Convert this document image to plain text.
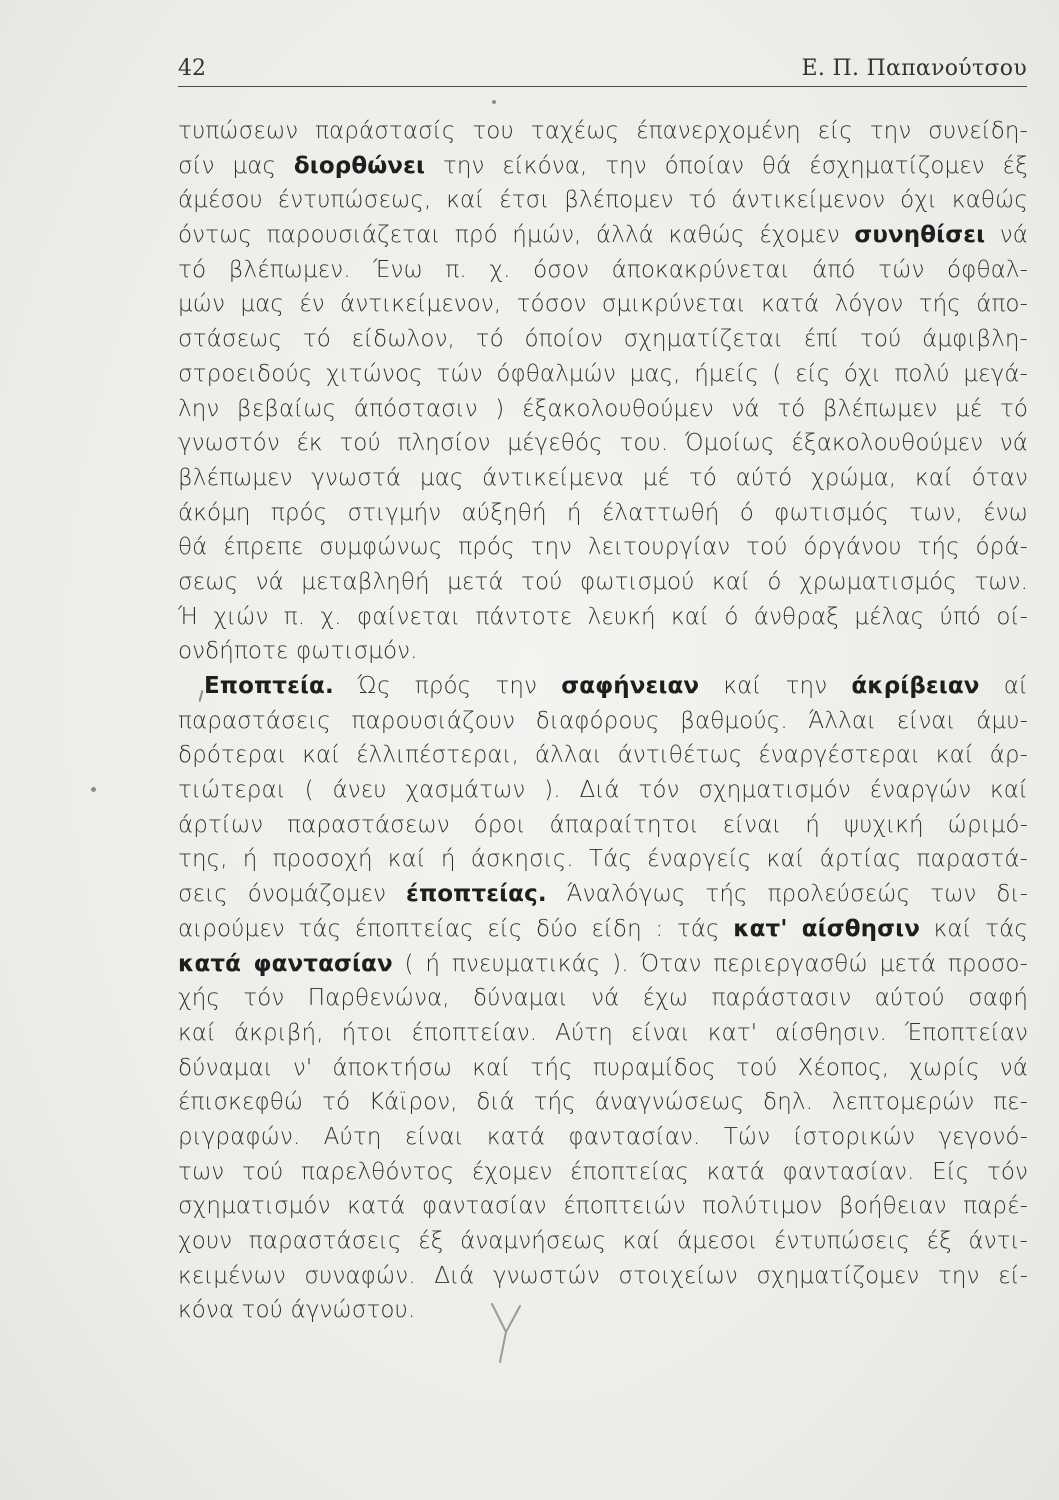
42	Ε. Π. Παπανούτσου
τυπώσεων παράστασίς του ταχέως έπανερχομένη είς την συνείδη-
σίν μας διορθώνει την είκόνα, την όποίαν θά έσχηματίζομεν έξ
άμέσου έντυπώσεως, καί έτσι βλέπομεν τό άντικείμενον όχι καθώς
όντως παρουσιάζεται πρό ήμών, άλλά καθώς έχομεν συνηθίσει νά
τό βλέπωμεν. Ένω π. χ. όσον άποκακρύνεται άπό τών όφθαλ-
μών μας έν άντικείμενον, τόσον σμικρύνεται κατά λόγον τής άπο-
στάσεως τό είδωλον, τό όποίον σχηματίζεται έπί τού άμφιβλη-
στροειδούς χιτώνος τών όφθαλμών μας, ήμείς ( είς όχι πολύ μεγά-
λην βεβαίως άπόστασιν ) έξακολουθούμεν νά τό βλέπωμεν μέ τό
γνωστόν έκ τού πλησίον μέγεθός του. Όμοίως έξακολουθούμεν νά
βλέπωμεν γνωστά μας άντικείμενα μέ τό αύτό χρώμα, καί όταν
άκόμη πρός στιγμήν αύξηθή ή έλαττωθή ό φωτισμός των, ένω
θά έπρεπε συμφώνως πρός την λειτουργίαν τού όργάνου τής όρά-
σεως νά μεταβληθή μετά τού φωτισμού καί ό χρωματισμός των.
Ή χιών π. χ. φαίνεται πάντοτε λευκή καί ό άνθραξ μέλας ύπό οί-
ονδήποτε φωτισμόν.
Εποπτεία. Ώς πρός την σαφήνειαν καί την άκρίβειαν αί
παραστάσεις παρουσιάζουν διαφόρους βαθμούς. Άλλαι είναι άμυ-
δρότεραι καί έλλιπέστεραι, άλλαι άντιθέτως έναργέστεραι καί άρ-
τιώτεραι ( άνευ χασμάτων ). Διά τόν σχηματισμόν έναργών καί
άρτίων παραστάσεων όροι άπαραίτητοι είναι ή ψυχική ώριμό-
της, ή προσοχή καί ή άσκησις. Τάς έναργείς καί άρτίας παραστά-
σεις όνομάζομεν έποπτείας. Άναλόγως τής προλεύσεώς των δι-
αιρούμεν τάς έποπτείας είς δύο είδη : τάς κατ' αίσθησιν καί τάς
κατά φαντασίαν ( ή πνευματικάς ). Όταν περιεργασθώ μετά προσο-
χής τόν Παρθενώνα, δύναμαι νά έχω παράστασιν αύτού σαφή
καί άκριβή, ήτοι έποπτείαν. Αύτη είναι κατ' αίσθησιν. Έποπτείαν
δύναμαι ν' άποκτήσω καί τής πυραμίδος τού Χέοπος, χωρίς νά
έπισκεφθώ τό Κάϊρον, διά τής άναγνώσεως δηλ. λεπτομερών πε-
ριγραφών. Αύτη είναι κατά φαντασίαν. Τών ίστορικών γεγονό-
των τού παρελθόντος έχομεν έποπτείας κατά φαντασίαν. Είς τόν
σχηματισμόν κατά φαντασίαν έποπτειών πολύτιμον βοήθειαν παρέ-
χουν παραστάσεις έξ άναμνήσεως καί άμεσοι έντυπώσεις έξ άντι-
κειμένων συναφών. Διά γνωστών στοιχείων σχηματίζομεν την εί-
κόνα τού άγνώστου.
